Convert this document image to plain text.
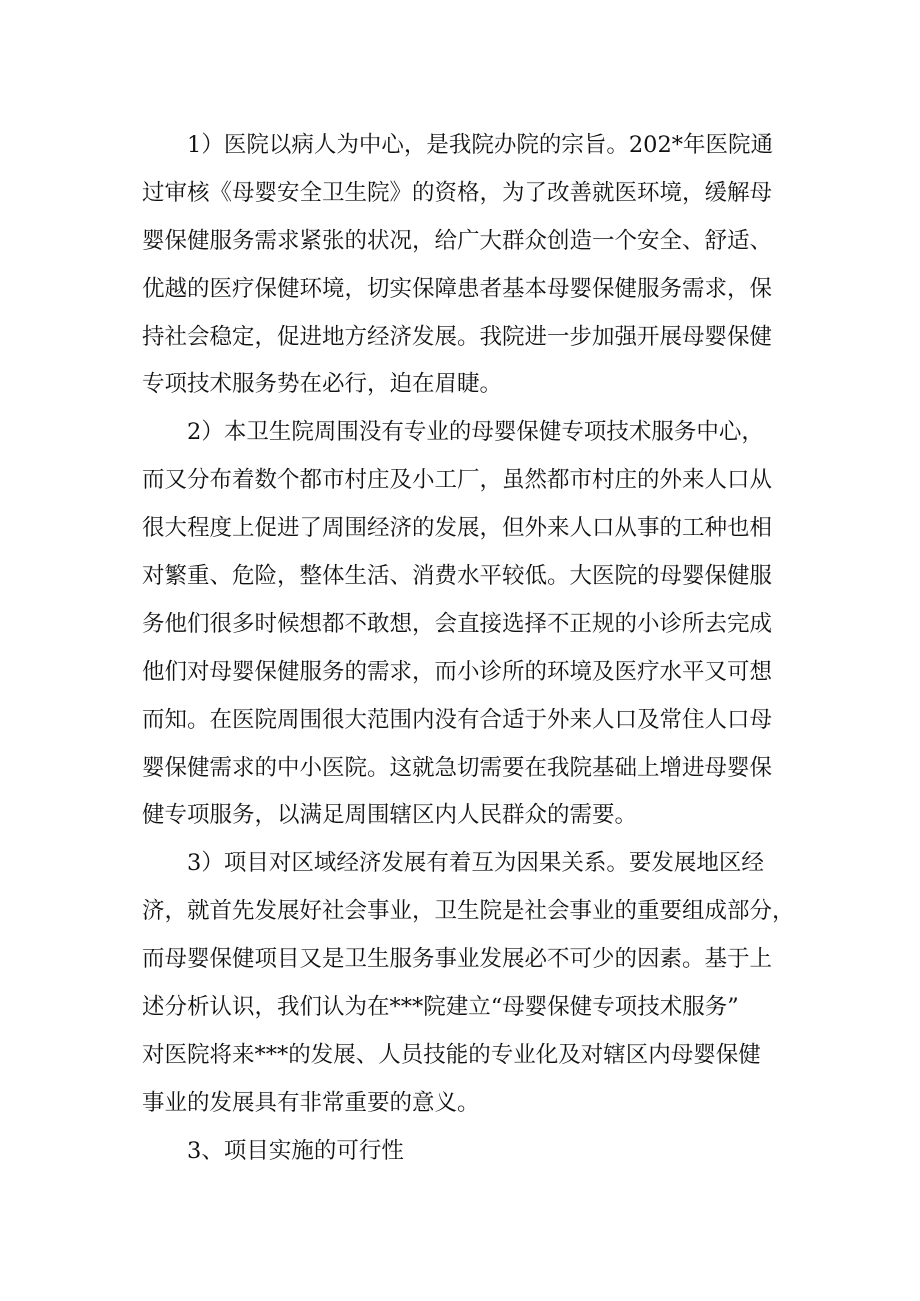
1）医院以病人为中心，是我院办院的宗旨。202*年医院通
过审核《母婴安全卫生院》的资格，为了改善就医环境，缓解母
婴保健服务需求紧张的状况，给广大群众创造一个安全、舒适、
优越的医疗保健环境，切实保障患者基本母婴保健服务需求，保
持社会稳定，促进地方经济发展。我院进一步加强开展母婴保健
专项技术服务势在必行，迫在眉睫。
2）本卫生院周围没有专业的母婴保健专项技术服务中心，
而又分布着数个都市村庄及小工厂，虽然都市村庄的外来人口从
很大程度上促进了周围经济的发展，但外来人口从事的工种也相
对繁重、危险，整体生活、消费水平较低。大医院的母婴保健服
务他们很多时候想都不敢想，会直接选择不正规的小诊所去完成
他们对母婴保健服务的需求，而小诊所的环境及医疗水平又可想
而知。在医院周围很大范围内没有合适于外来人口及常住人口母
婴保健需求的中小医院。这就急切需要在我院基础上增进母婴保
健专项服务，以满足周围辖区内人民群众的需要。
3）项目对区域经济发展有着互为因果关系。要发展地区经
济，就首先发展好社会事业，卫生院是社会事业的重要组成部分，
而母婴保健项目又是卫生服务事业发展必不可少的因素。基于上
述分析认识，我们认为在***院建立“母婴保健专项技术服务”
对医院将来***的发展、人员技能的专业化及对辖区内母婴保健
事业的发展具有非常重要的意义。
3、项目实施的可行性
